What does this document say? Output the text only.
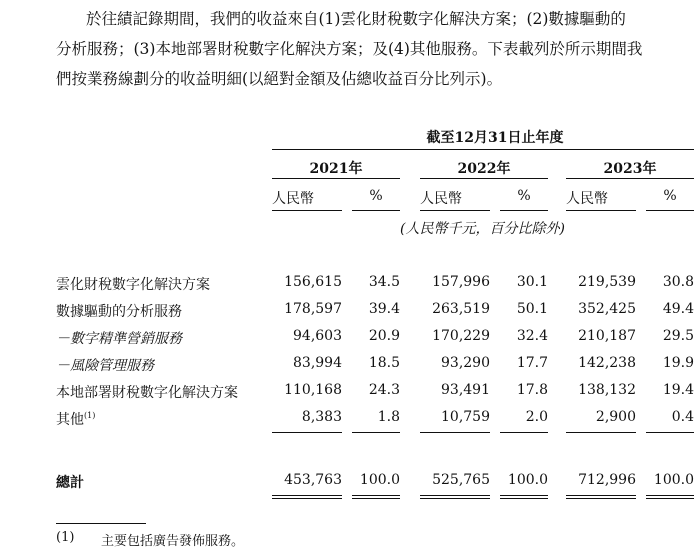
於往績記錄期間，我們的收益來自(1)雲化財稅數字化解決方案；(2)數據驅動的
分析服務；(3)本地部署財稅數字化解決方案；及(4)其他服務。下表載列於所示期間我
們按業務線劃分的收益明細(以絕對金額及佔總收益百分比列示)。
截至12月31日止年度
2021年	2022年	2023年
人民幣	%	人民幣	%	人民幣	%
(人民幣千元，百分比除外)
雲化財稅數字化解決方案	156,615	34.5	157,996	30.1	219,539	30.8
數據驅動的分析服務	178,597	39.4	263,519	50.1	352,425	49.4
－數字精準營銷服務	94,603	20.9	170,229	32.4	210,187	29.5
－風險管理服務	83,994	18.5	93,290	17.7	142,238	19.9
本地部署財稅數字化解決方案	110,168	24.3	93,491	17.8	138,132	19.4
其他$^{(1)}$	8,383	1.8	10,759	2.0	2,900	0.4
總計	453,763	100.0	525,765	100.0	712,996	100.0
(1) 主要包括廣告發佈服務。
